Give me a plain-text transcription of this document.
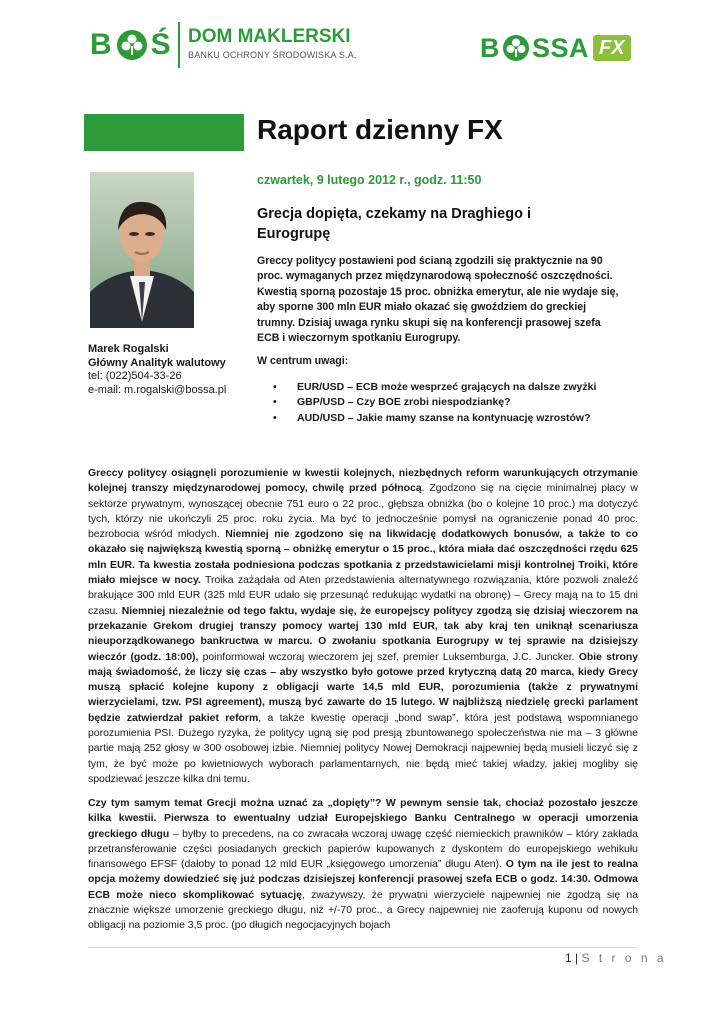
B Ś DOM MAKLERSKI
BANKU OCHRONY ŚRODOWISKA S.A.	B SSA FX
Raport dzienny FX
czwartek, 9 lutego 2012 r., godz. 11:50
Marek Rogalski
Główny Analityk walutowy
tel: (022)504-33-26
e-mail: m.rogalski@bossa.pl
Grecja dopięta, czekamy na Draghiego i Eurogrupę
Greccy politycy postawieni pod ścianą zgodzili się praktycznie na 90 proc. wymaganych przez międzynarodową społeczność oszczędności. Kwestią sporną pozostaje 15 proc. obniżka emerytur, ale nie wydaje się, aby sporne 300 mln EUR miało okazać się gwoździem do greckiej trumny. Dzisiaj uwaga rynku skupi się na konferencji prasowej szefa ECB i wieczornym spotkaniu Eurogrupy.
W centrum uwagi:
• EUR/USD – ECB może wesprzeć grających na dalsze zwyżki
• GBP/USD – Czy BOE zrobi niespodziankę?
• AUD/USD – Jakie mamy szanse na kontynuację wzrostów?
Greccy politycy osiągnęli porozumienie w kwestii kolejnych, niezbędnych reform warunkujących otrzymanie kolejnej transzy międzynarodowej pomocy, chwilę przed północą. Zgodzono się na cięcie minimalnej płacy w sektorze prywatnym, wynoszącej obecnie 751 euro o 22 proc., głębsza obniżka (bo o kolejne 10 proc.) ma dotyczyć tych, którzy nie ukończyli 25 proc. roku życia. Ma być to jednocześnie pomysł na ograniczenie ponad 40 proc. bezrobocia wśród młodych. Niemniej nie zgodzono się na likwidację dodatkowych bonusów, a także to co okazało się największą kwestią sporną – obniżkę emerytur o 15 proc., która miała dać oszczędności rzędu 625 mln EUR. Ta kwestia została podniesiona podczas spotkania z przedstawicielami misji kontrolnej Troiki, które miało miejsce w nocy. Troika zażądała od Aten przedstawienia alternatywnego rozwiązania, które pozwoli znaleźć brakujące 300 mld EUR (325 mld EUR udało się przesunąć redukując wydatki na obronę) – Grecy mają na to 15 dni czasu. Niemniej niezależnie od tego faktu, wydaje się, że europejscy politycy zgodzą się dzisiaj wieczorem na przekazanie Grekom drugiej transzy pomocy wartej 130 mld EUR, tak aby kraj ten uniknął scenariusza nieuporządkowanego bankructwa w marcu. O zwołaniu spotkania Eurogrupy w tej sprawie na dzisiejszy wieczór (godz. 18:00), poinformował wczoraj wieczorem jej szef, premier Luksemburga, J.C. Juncker. Obie strony mają świadomość, że liczy się czas – aby wszystko było gotowe przed krytyczną datą 20 marca, kiedy Grecy muszą spłacić kolejne kupony z obligacji warte 14,5 mld EUR, porozumienia (także z prywatnymi wierzycielami, tzw. PSI agreement), muszą być zawarte do 15 lutego. W najbliższą niedzielę grecki parlament będzie zatwierdzał pakiet reform, a także kwestię operacji „bond swap”, która jest podstawą wspomnianego porozumienia PSI. Dużego ryzyka, że politycy ugną się pod presją zbuntowanego społeczeństwa nie ma – 3 główne partie mają 252 głosy w 300 osobowej izbie. Niemniej politycy Nowej Demokracji najpewniej będą musieli liczyć się z tym, że być może po kwietniowych wyborach parlamentarnych, nie będą mieć takiej władzy, jakiej mogliby się spodziewać jeszcze kilka dni temu.
Czy tym samym temat Grecji można uznać za „dopięty”? W pewnym sensie tak, chociaż pozostało jeszcze kilka kwestii. Pierwsza to ewentualny udział Europejskiego Banku Centralnego w operacji umorzenia greckiego długu – byłby to precedens, na co zwracała wczoraj uwagę część niemieckich prawników – który zakłada przetransferowanie części posiadanych greckich papierów kupowanych z dyskontem do europejskiego wehikułu finansowego EFSF (dałoby to ponad 12 mld EUR „księgowego umorzenia” długu Aten). O tym na ile jest to realna opcja możemy dowiedzieć się już podczas dzisiejszej konferencji prasowej szefa ECB o godz. 14:30. Odmowa ECB może nieco skomplikować sytuację, zważywszy, że prywatni wierzyciele najpewniej nie zgodzą się na znacznie większe umorzenie greckiego długu, niż +/-70 proc., a Grecy najpewniej nie zaoferują kuponu od nowych obligacji na poziomie 3,5 proc. (po długich negocjacyjnych bojach
1 | S t r o n a
